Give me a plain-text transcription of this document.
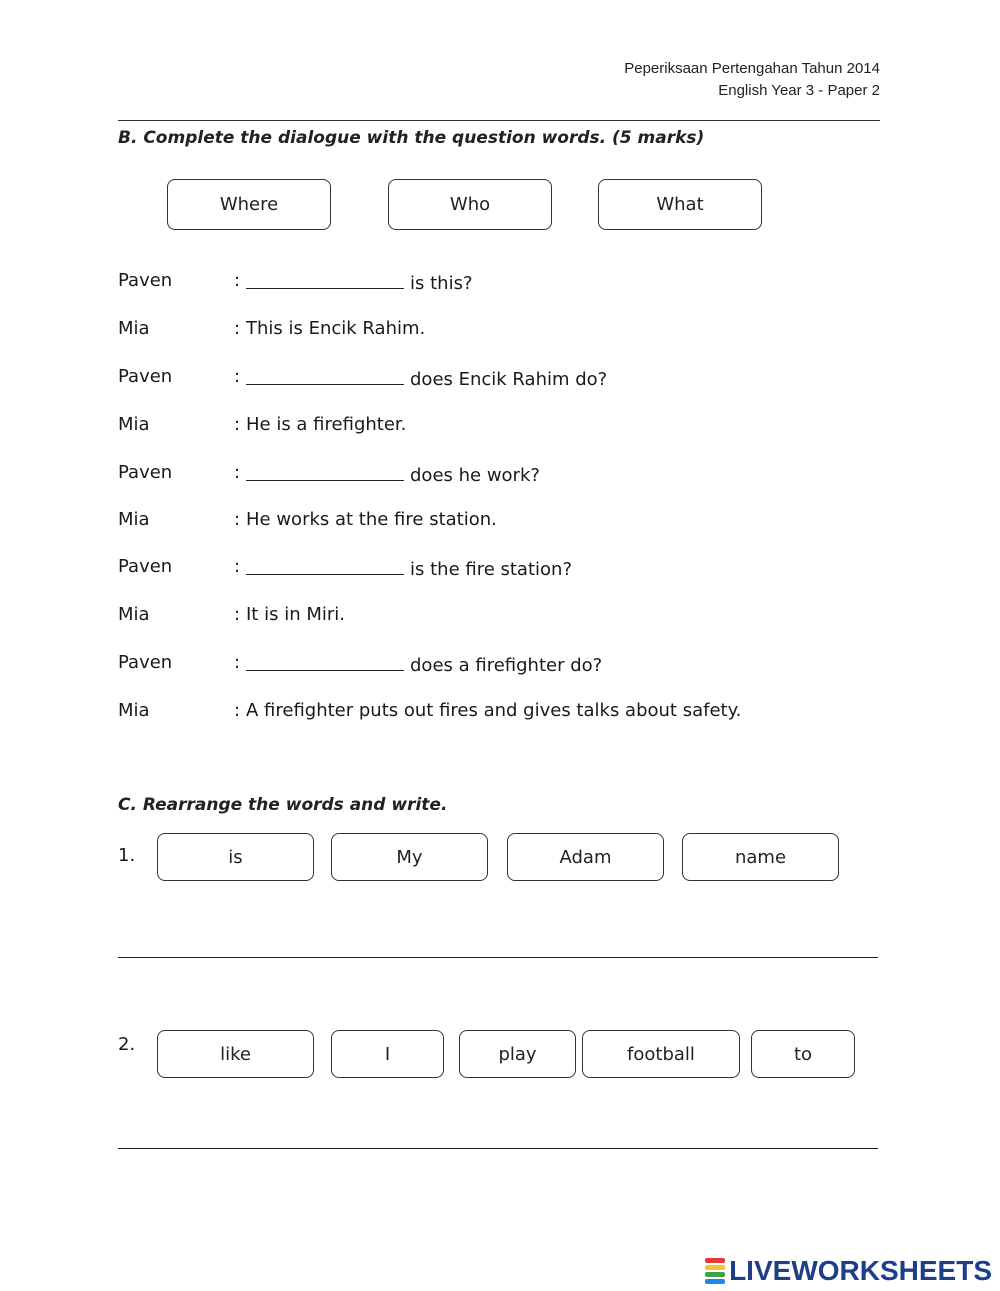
Peperiksaan Pertengahan Tahun 2014
English Year 3 - Paper 2
B. Complete the dialogue with the question words. (5 marks)
Where	Who	What
Paven	:	is this?
Mia	: This is Encik Rahim.
Paven	:	does Encik Rahim do?
Mia	: He is a firefighter.
Paven	:	does he work?
Mia	: He works at the fire station.
Paven	:	is the fire station?
Mia	: It is in Miri.
Paven	:	does a firefighter do?
Mia	: A firefighter puts out fires and gives talks about safety.
C. Rearrange the words and write.
1.	is	My	Adam	name
2.	like	I	play	football	to
LIVEWORKSHEETS
